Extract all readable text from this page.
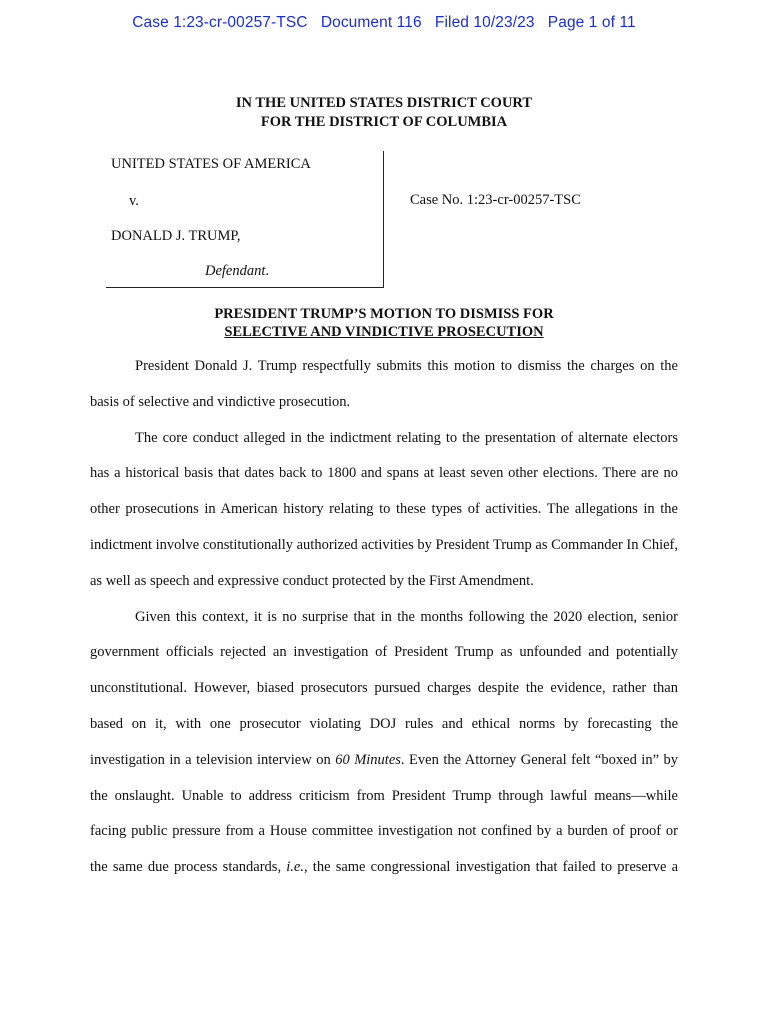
Case 1:23-cr-00257-TSC Document 116 Filed 10/23/23 Page 1 of 11
IN THE UNITED STATES DISTRICT COURT
FOR THE DISTRICT OF COLUMBIA
UNITED STATES OF AMERICA
v.
DONALD J. TRUMP,
Defendant.
Case No. 1:23-cr-00257-TSC
PRESIDENT TRUMP’S MOTION TO DISMISS FOR
SELECTIVE AND VINDICTIVE PROSECUTION

President Donald J. Trump respectfully submits this motion to dismiss the charges on the basis of selective and vindictive prosecution.

The core conduct alleged in the indictment relating to the presentation of alternate electors has a historical basis that dates back to 1800 and spans at least seven other elections. There are no other prosecutions in American history relating to these types of activities. The allegations in the indictment involve constitutionally authorized activities by President Trump as Commander In Chief, as well as speech and expressive conduct protected by the First Amendment.

Given this context, it is no surprise that in the months following the 2020 election, senior government officials rejected an investigation of President Trump as unfounded and potentially unconstitutional. However, biased prosecutors pursued charges despite the evidence, rather than based on it, with one prosecutor violating DOJ rules and ethical norms by forecasting the investigation in a television interview on 60 Minutes. Even the Attorney General felt “boxed in” by the onslaught. Unable to address criticism from President Trump through lawful means—while facing public pressure from a House committee investigation not confined by a burden of proof or the same due process standards, i.e., the same congressional investigation that failed to preserve a
